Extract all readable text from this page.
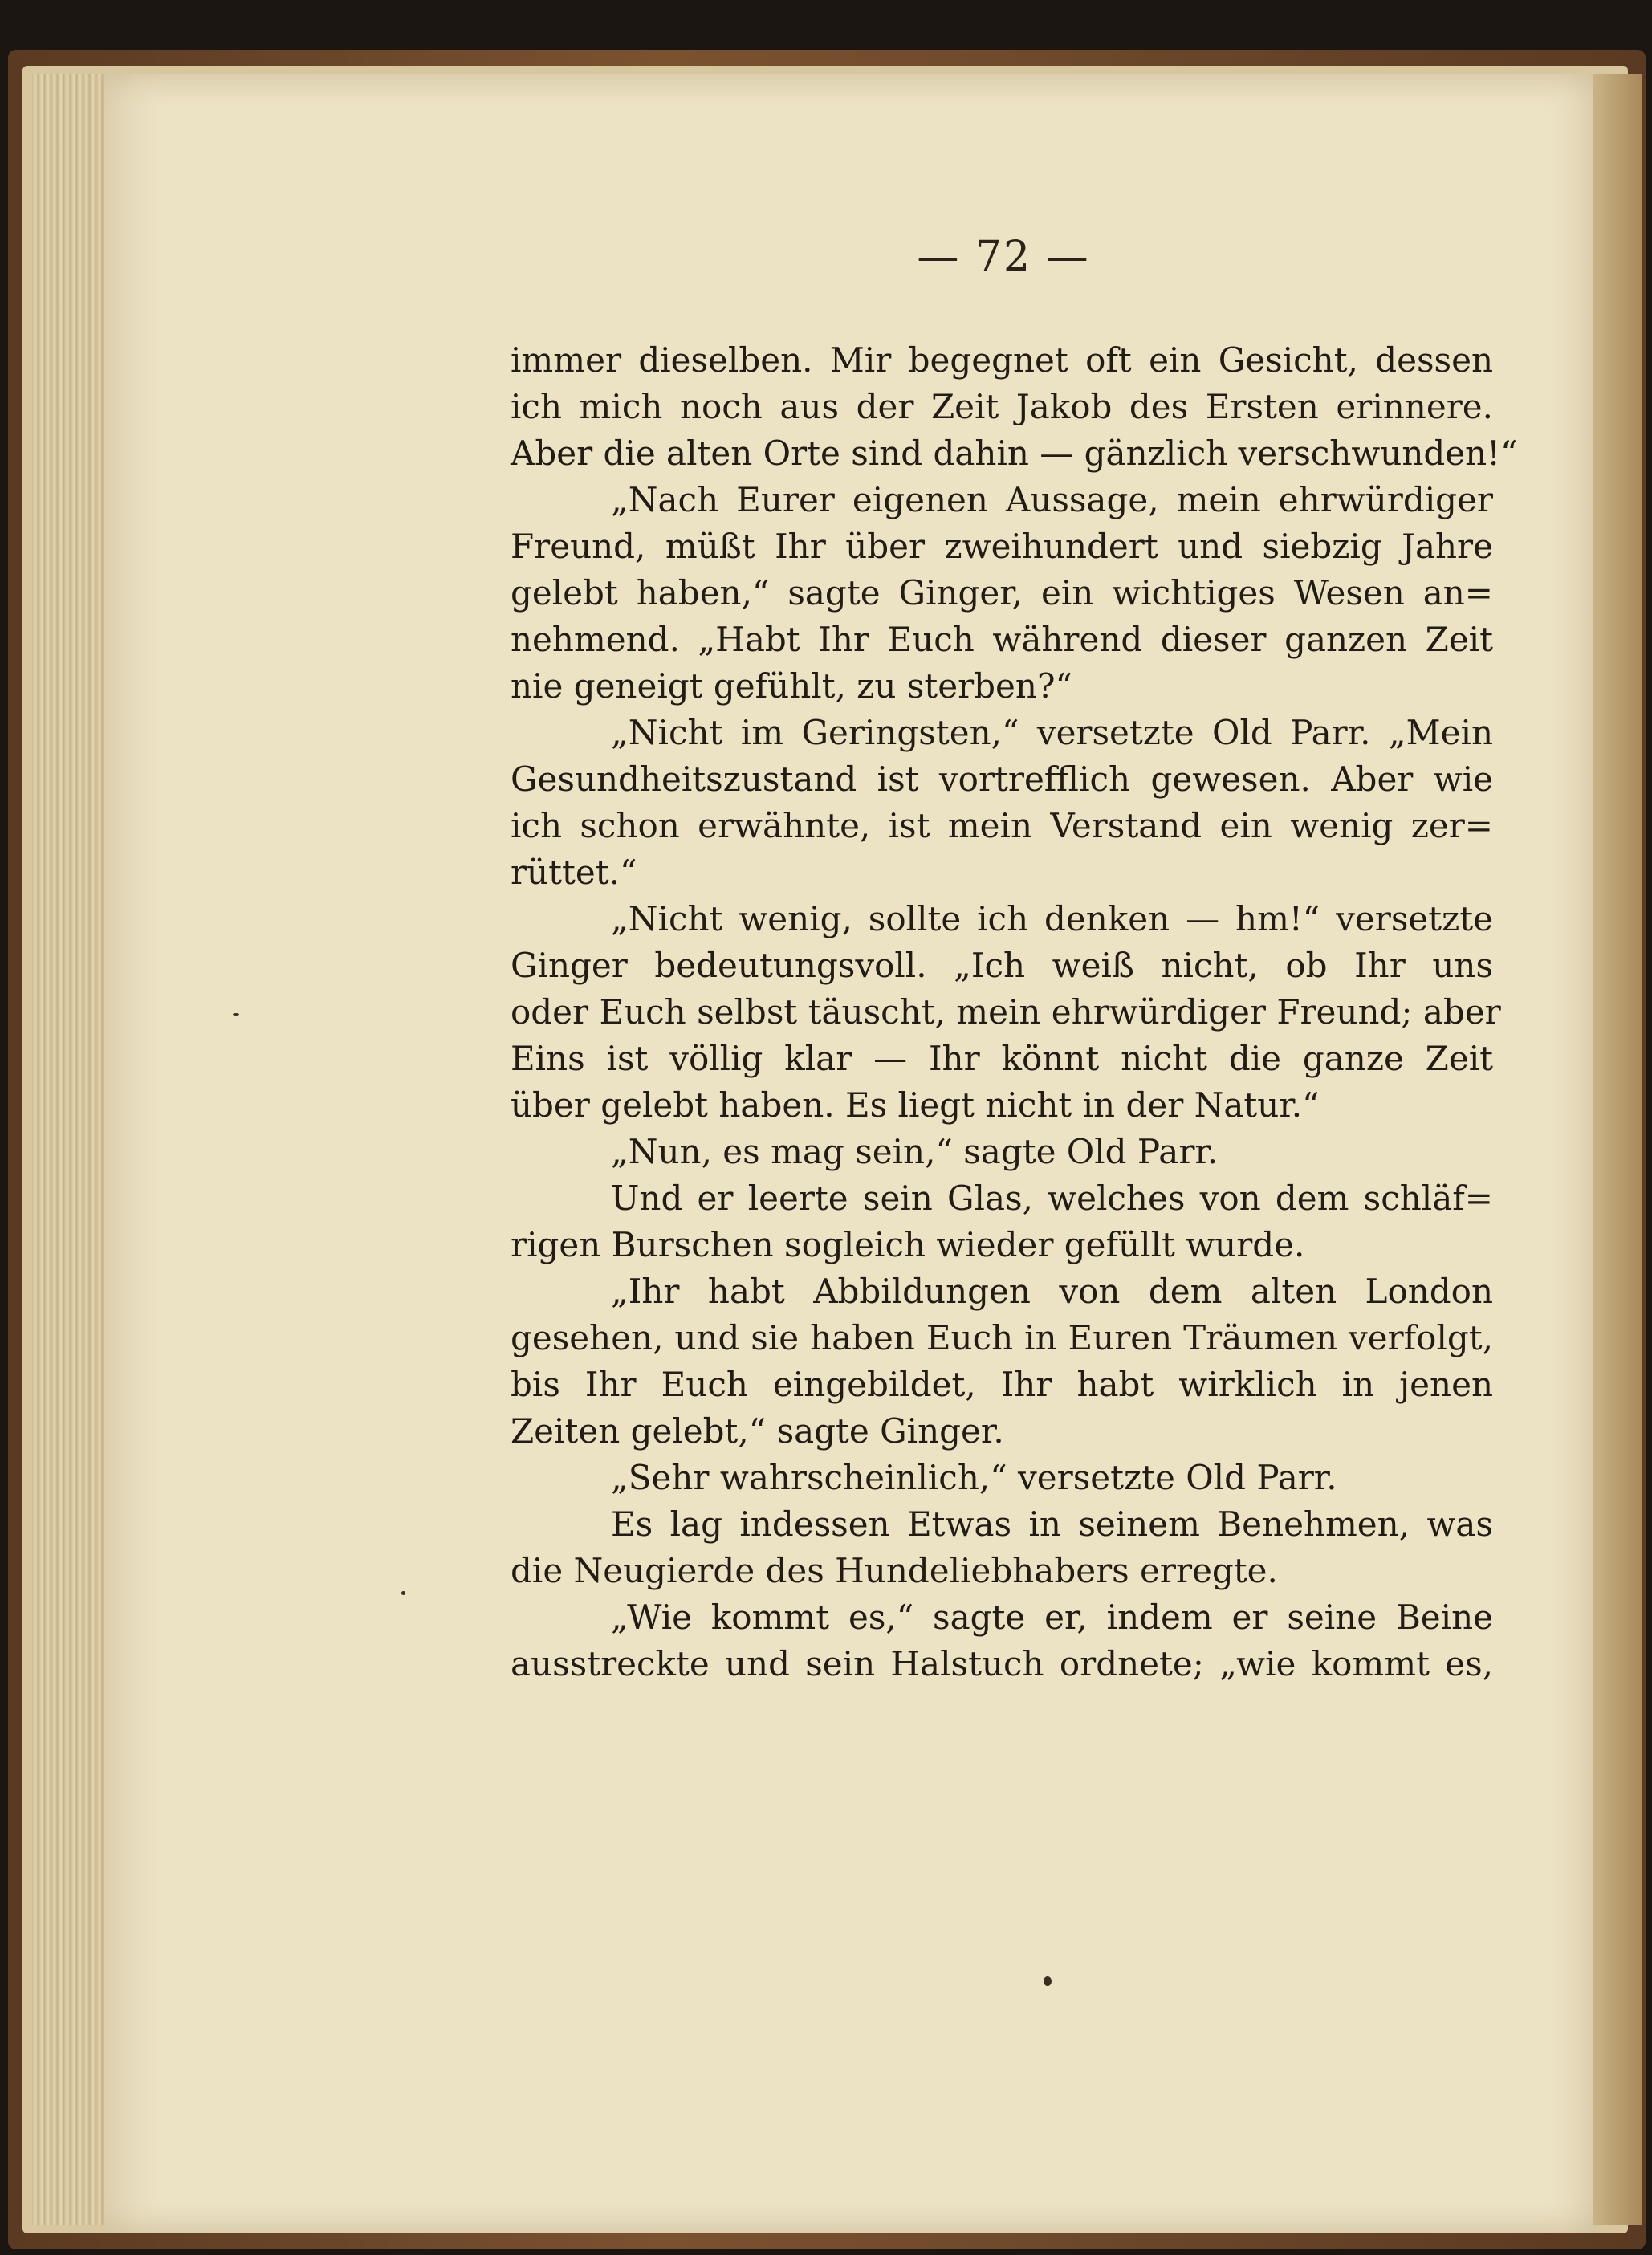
— 72 —
immer dieselben. Mir begegnet oft ein Gesicht, dessen
ich mich noch aus der Zeit Jakob des Ersten erinnere.
Aber die alten Orte sind dahin — gänzlich verschwunden!“
„Nach Eurer eigenen Aussage, mein ehrwürdiger
Freund, müßt Ihr über zweihundert und siebzig Jahre
gelebt haben,“ sagte Ginger, ein wichtiges Wesen an=
nehmend. „Habt Ihr Euch während dieser ganzen Zeit
nie geneigt gefühlt, zu sterben?“
„Nicht im Geringsten,“ versetzte Old Parr. „Mein
Gesundheitszustand ist vortrefflich gewesen. Aber wie
ich schon erwähnte, ist mein Verstand ein wenig zer=
rüttet.“
„Nicht wenig, sollte ich denken — hm!“ versetzte
Ginger bedeutungsvoll. „Ich weiß nicht, ob Ihr uns
oder Euch selbst täuscht, mein ehrwürdiger Freund; aber
Eins ist völlig klar — Ihr könnt nicht die ganze Zeit
über gelebt haben. Es liegt nicht in der Natur.“
„Nun, es mag sein,“ sagte Old Parr.
Und er leerte sein Glas, welches von dem schläf=
rigen Burschen sogleich wieder gefüllt wurde.
„Ihr habt Abbildungen von dem alten London
gesehen, und sie haben Euch in Euren Träumen verfolgt,
bis Ihr Euch eingebildet, Ihr habt wirklich in jenen
Zeiten gelebt,“ sagte Ginger.
„Sehr wahrscheinlich,“ versetzte Old Parr.
Es lag indessen Etwas in seinem Benehmen, was
die Neugierde des Hundeliebhabers erregte.
„Wie kommt es,“ sagte er, indem er seine Beine
ausstreckte und sein Halstuch ordnete; „wie kommt es,
